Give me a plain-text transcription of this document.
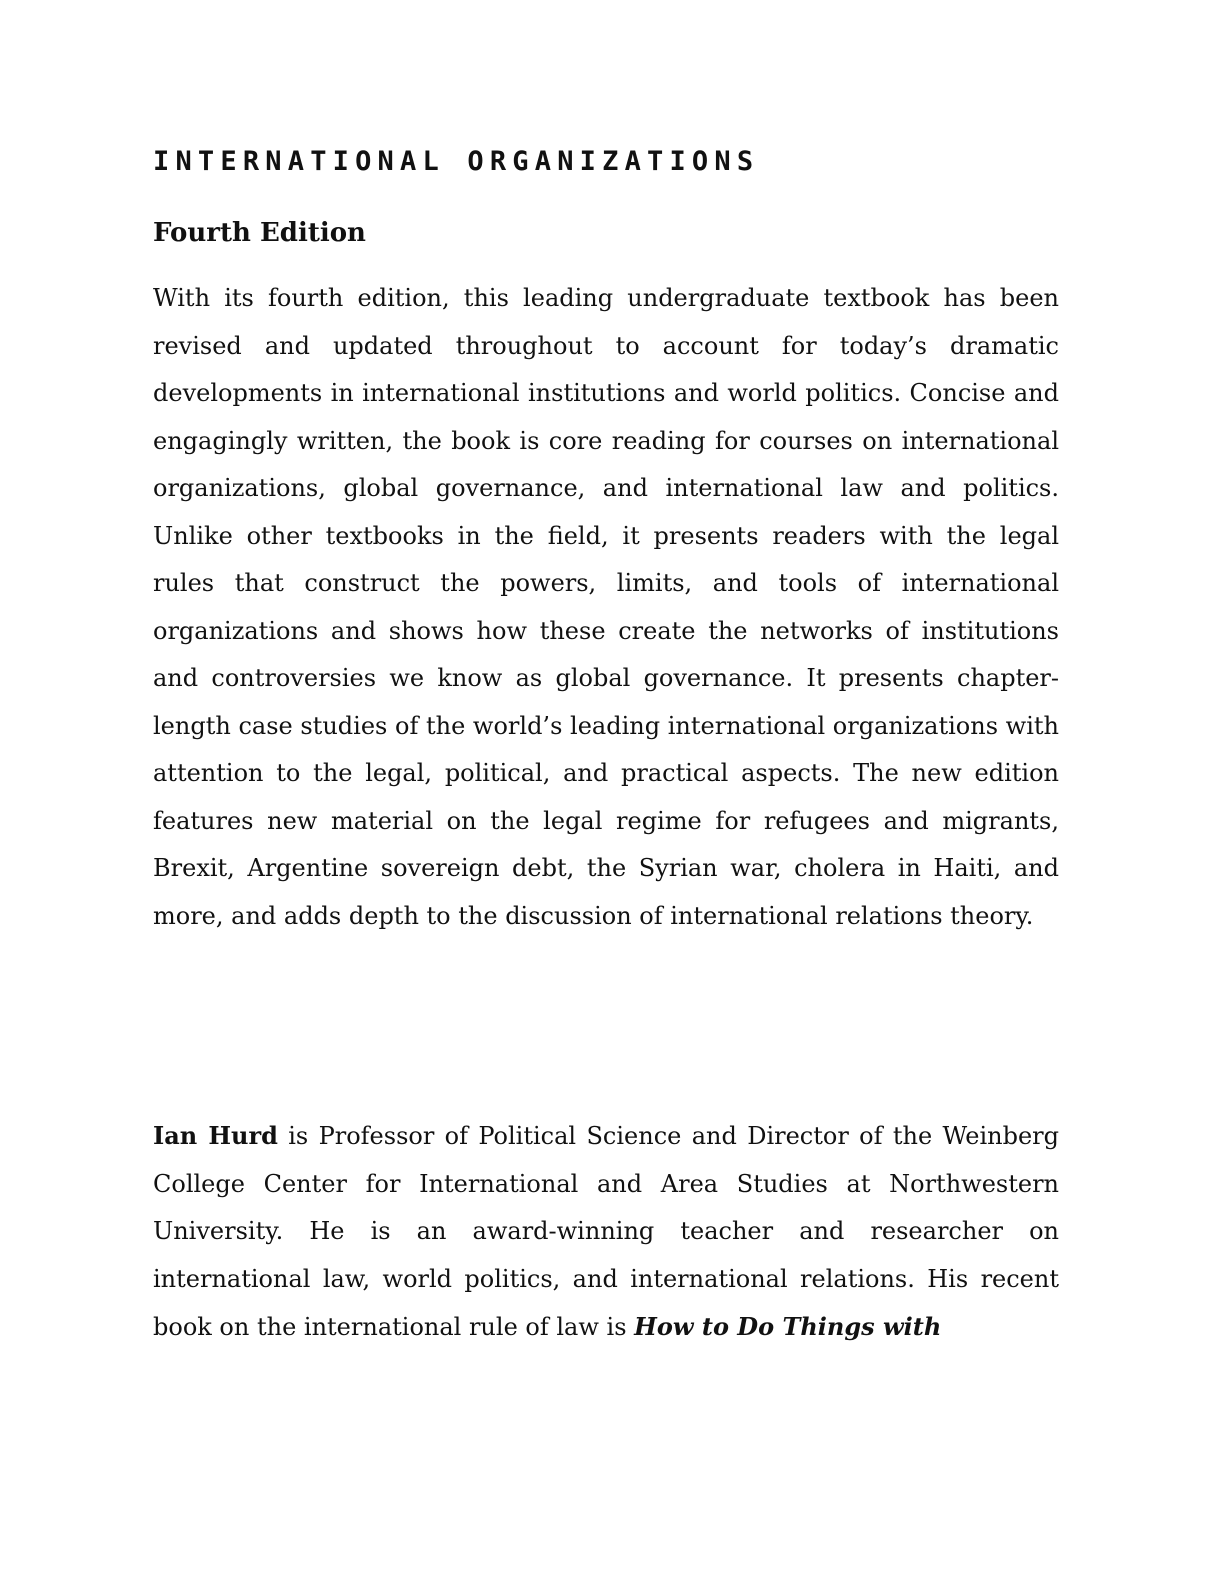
INTERNATIONAL ORGANIZATIONS
Fourth Edition

With its fourth edition, this leading undergraduate textbook has been revised and updated throughout to account for today’s dramatic developments in international institutions and world politics. Concise and engagingly written, the book is core reading for courses on international organizations, global governance, and international law and politics. Unlike other textbooks in the field, it presents readers with the legal rules that construct the powers, limits, and tools of international organizations and shows how these create the networks of institutions and controversies we know as global governance. It presents chapter-length case studies of the world’s leading international organizations with attention to the legal, political, and practical aspects. The new edition features new material on the legal regime for refugees and migrants, Brexit, Argentine sovereign debt, the Syrian war, cholera in Haiti, and more, and adds depth to the discussion of international relations theory.

Ian Hurd is Professor of Political Science and Director of the Weinberg College Center for International and Area Studies at Northwestern University. He is an award-winning teacher and researcher on international law, world politics, and international relations. His recent book on the international rule of law is How to Do Things with
